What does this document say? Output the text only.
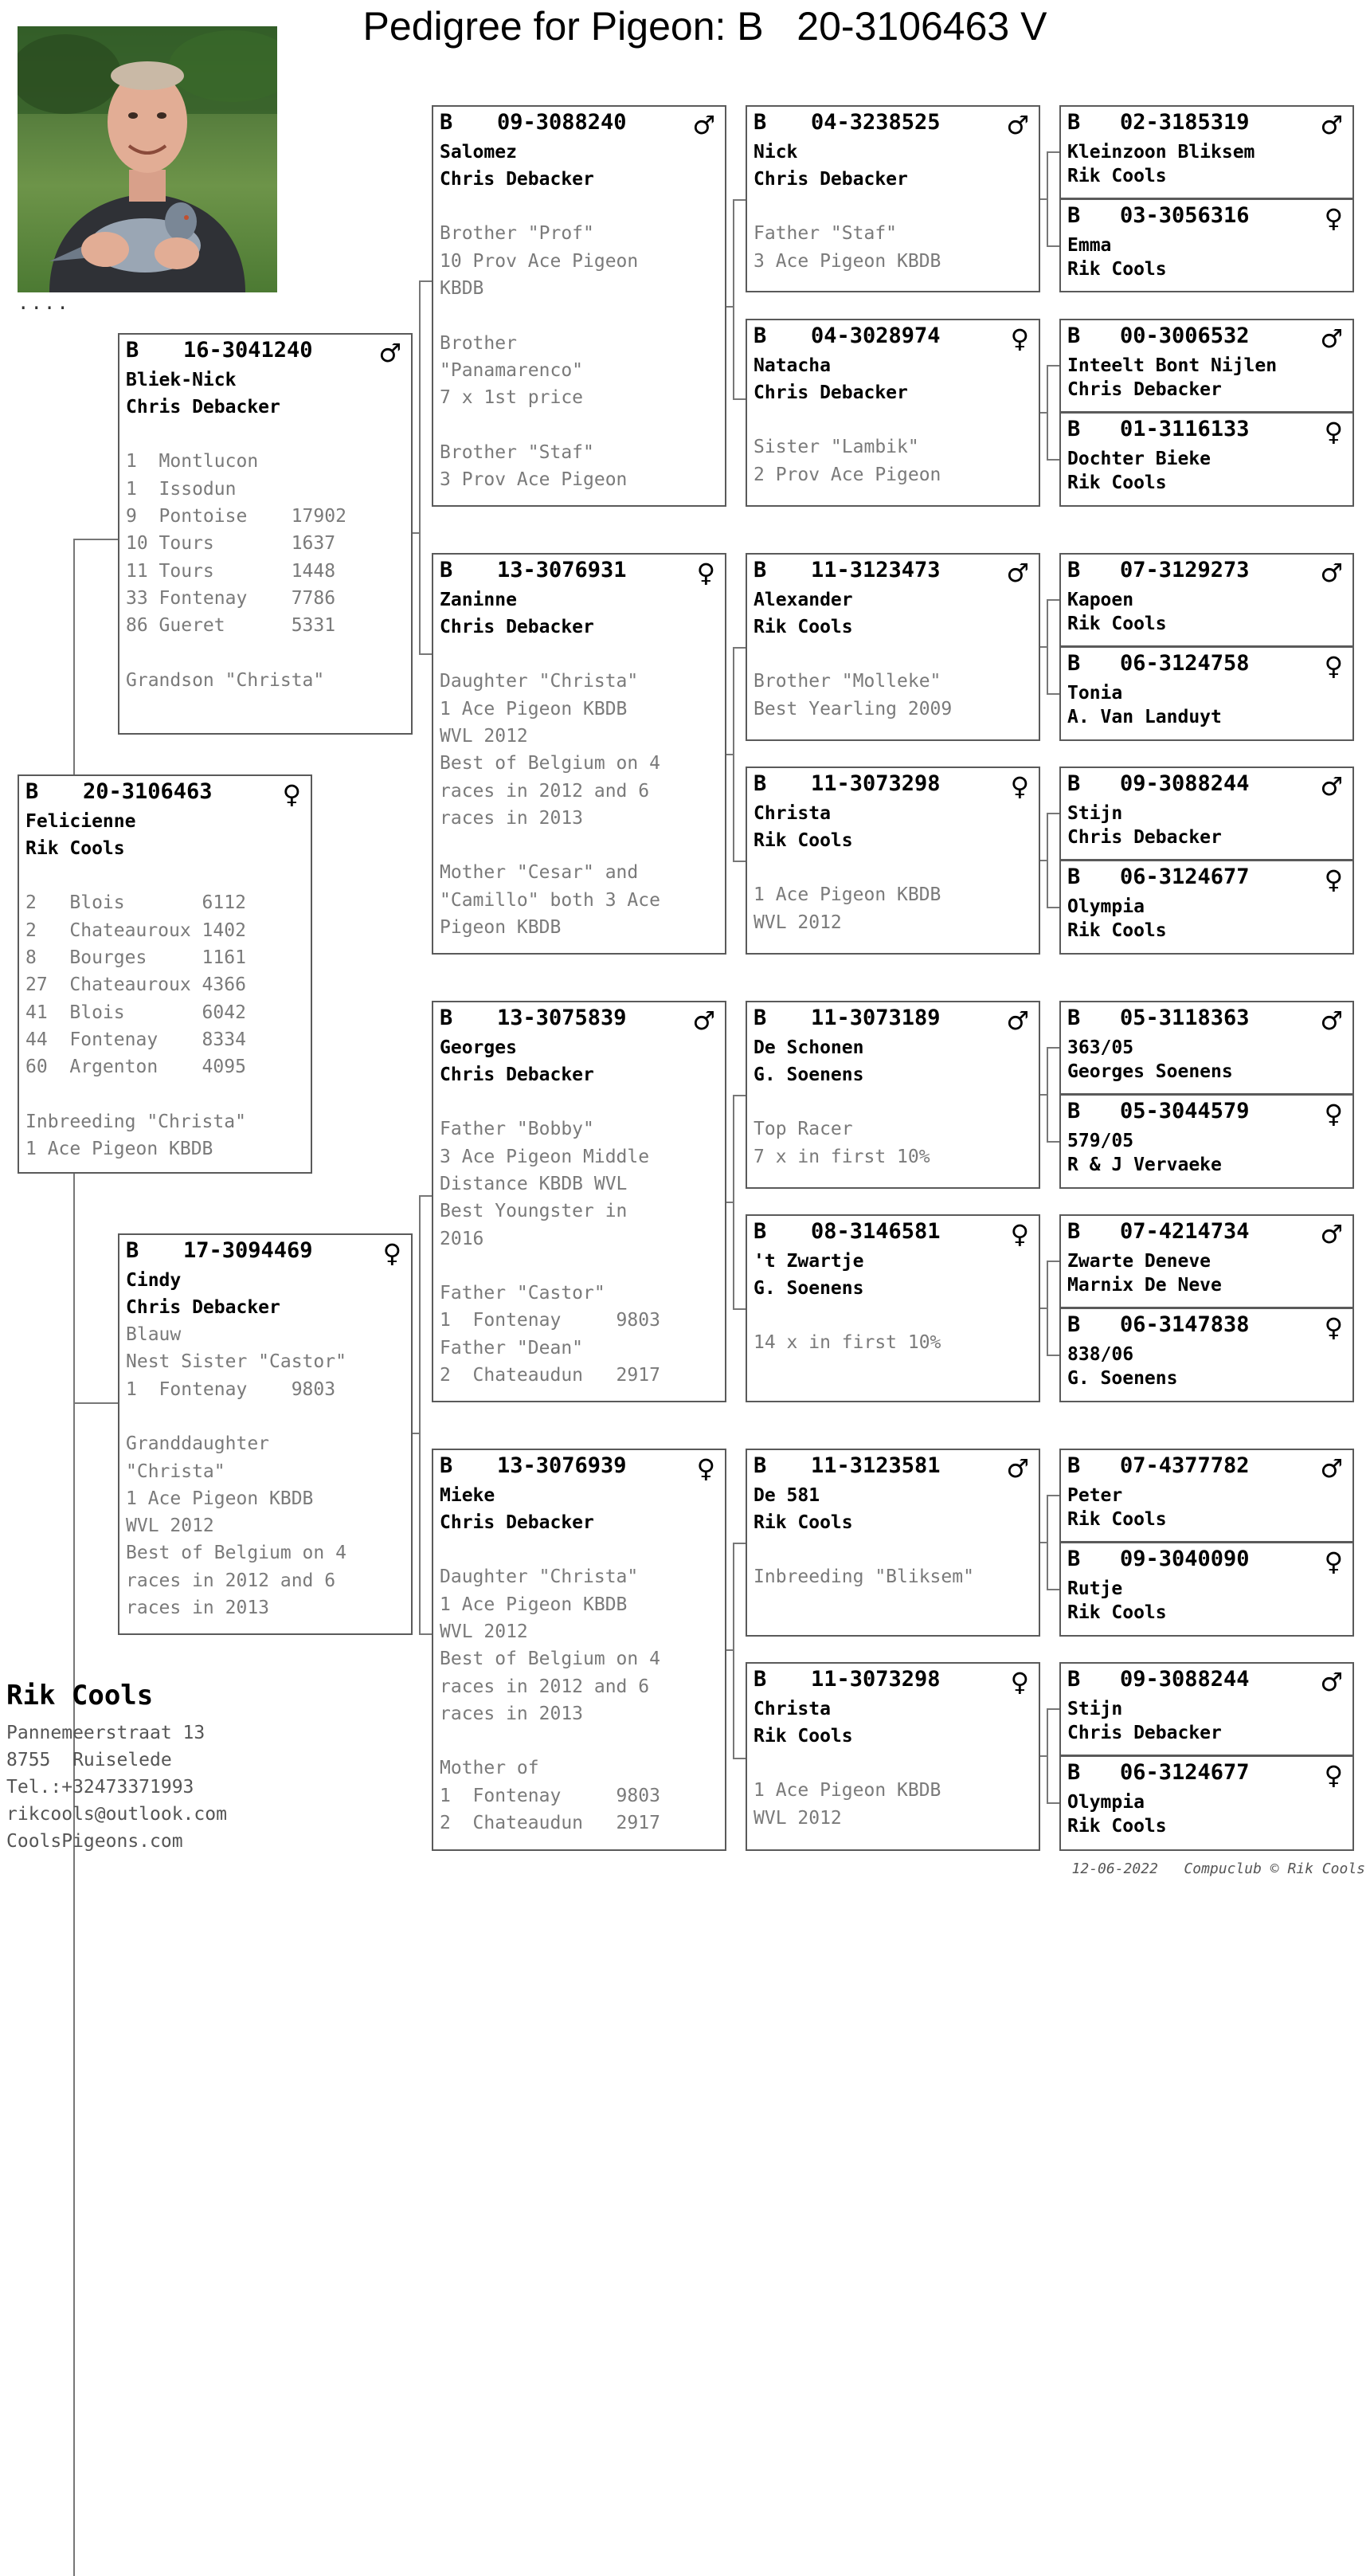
Pedigree for Pigeon: B   20-3106463 V
....
B 20-3106463	♀
Felicienne
Rik Cools
2   Blois       6112
2   Chateauroux 1402
8   Bourges     1161
27  Chateauroux 4366
41  Blois       6042
44  Fontenay    8334
60  Argenton    4095
Inbreeding "Christa"
1 Ace Pigeon KBDB
B 16-3041240	♂
Bliek-Nick
Chris Debacker
1  Montlucon
1  Issodun
9  Pontoise    17902
10 Tours       1637
11 Tours       1448
33 Fontenay    7786
86 Gueret      5331
Grandson "Christa"
B 17-3094469	♀
Cindy
Chris Debacker
Blauw
Nest Sister "Castor"
1  Fontenay    9803
Granddaughter
"Christa"
1 Ace Pigeon KBDB
WVL 2012
Best of Belgium on 4
races in 2012 and 6
races in 2013
B 09-3088240	♂
Salomez
Chris Debacker
Brother "Prof"
10 Prov Ace Pigeon
KBDB
Brother
"Panamarenco"
7 x 1st price
Brother "Staf"
3 Prov Ace Pigeon
B 13-3076931	♀
Zaninne
Chris Debacker
Daughter "Christa"
1 Ace Pigeon KBDB
WVL 2012
Best of Belgium on 4
races in 2012 and 6
races in 2013
Mother "Cesar" and
"Camillo" both 3 Ace
Pigeon KBDB
B 13-3075839	♂
Georges
Chris Debacker
Father "Bobby"
3 Ace Pigeon Middle
Distance KBDB WVL
Best Youngster in
2016
Father "Castor"
1  Fontenay     9803
Father "Dean"
2  Chateaudun   2917
B 13-3076939	♀
Mieke
Chris Debacker
Daughter "Christa"
1 Ace Pigeon KBDB
WVL 2012
Best of Belgium on 4
races in 2012 and 6
races in 2013
Mother of
1  Fontenay     9803
2  Chateaudun   2917
B 04-3238525	♂
Nick
Chris Debacker
Father "Staf"
3 Ace Pigeon KBDB
B 04-3028974	♀
Natacha
Chris Debacker
Sister "Lambik"
2 Prov Ace Pigeon
B 11-3123473	♂
Alexander
Rik Cools
Brother "Molleke"
Best Yearling 2009
B 11-3073298	♀
Christa
Rik Cools
1 Ace Pigeon KBDB
WVL 2012
B 11-3073189	♂
De Schonen
G. Soenens
Top Racer
7 x in first 10%
B 08-3146581	♀
't Zwartje
G. Soenens
14 x in first 10%
B 11-3123581	♂
De 581
Rik Cools
Inbreeding "Bliksem"
B 11-3073298	♀
Christa
Rik Cools
1 Ace Pigeon KBDB
WVL 2012
B 02-3185319	♂
Kleinzoon Bliksem
Rik Cools
B 03-3056316	♀
Emma
Rik Cools
B 00-3006532	♂
Inteelt Bont Nijlen
Chris Debacker
B 01-3116133	♀
Dochter Bieke
Rik Cools
B 07-3129273	♂
Kapoen
Rik Cools
B 06-3124758	♀
Tonia
A. Van Landuyt
B 09-3088244	♂
Stijn
Chris Debacker
B 06-3124677	♀
Olympia
Rik Cools
B 05-3118363	♂
363/05
Georges Soenens
B 05-3044579	♀
579/05
R & J Vervaeke
B 07-4214734	♂
Zwarte Deneve
Marnix De Neve
B 06-3147838	♀
838/06
G. Soenens
B 07-4377782	♂
Peter
Rik Cools
B 09-3040090	♀
Rutje
Rik Cools
B 09-3088244	♂
Stijn
Chris Debacker
B 06-3124677	♀
Olympia
Rik Cools
Rik Cools
Pannemeerstraat 13
8755  Ruiselede
Tel.:+32473371993
rikcools@outlook.com
CoolsPigeons.com
12-06-2022   Compuclub © Rik Cools
